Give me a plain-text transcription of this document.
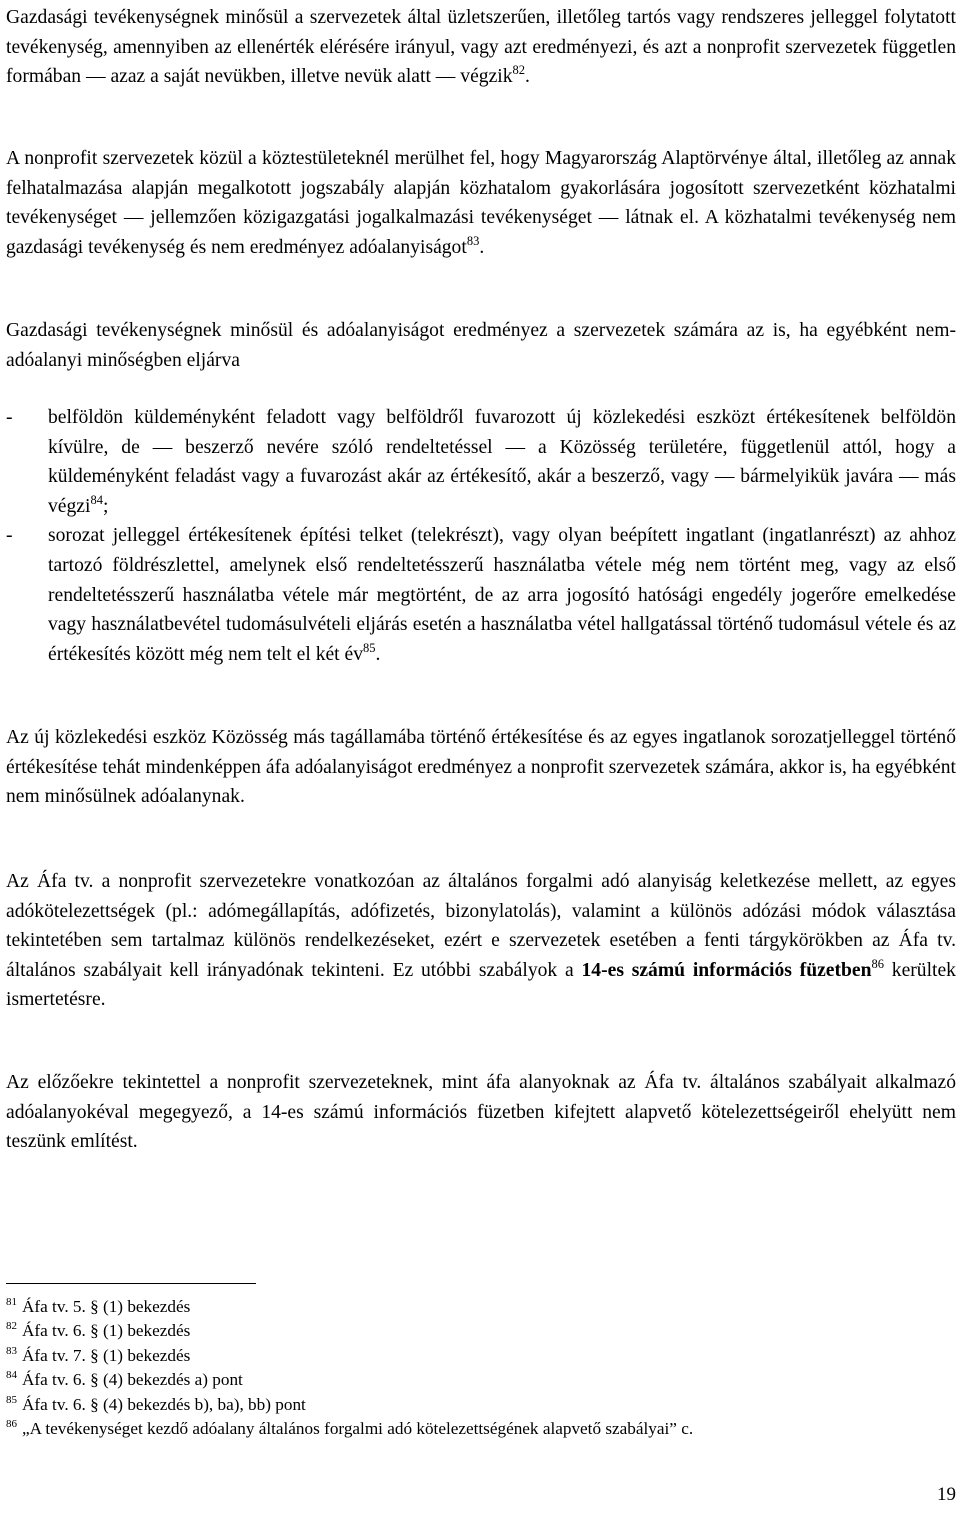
Gazdasági tevékenységnek minősül a szervezetek által üzletszerűen, illetőleg tartós vagy rendszeres jelleggel folytatott tevékenység, amennyiben az ellenérték elérésére irányul, vagy azt eredményezi, és azt a nonprofit szervezetek független formában — azaz a saját nevükben, illetve nevük alatt — végzik$^{82}$.

A nonprofit szervezetek közül a köztestületeknél merülhet fel, hogy Magyarország Alaptörvénye által, illetőleg az annak felhatalmazása alapján megalkotott jogszabály alapján közhatalom gyakorlására jogosított szervezetként közhatalmi tevékenységet — jellemzően közigazgatási jogalkalmazási tevékenységet — látnak el. A közhatalmi tevékenység nem gazdasági tevékenység és nem eredményez adóalanyiságot$^{83}$.

Gazdasági tevékenységnek minősül és adóalanyiságot eredményez a szervezetek számára az is, ha egyébként nem-adóalanyi minőségben eljárva

- belföldön küldeményként feladott vagy belföldről fuvarozott új közlekedési eszközt értékesítenek belföldön kívülre, de — beszerző nevére szóló rendeltetéssel — a Közösség területére, függetlenül attól, hogy a küldeményként feladást vagy a fuvarozást akár az értékesítő, akár a beszerző, vagy — bármelyikük javára — más végzi$^{84}$;
- sorozat jelleggel értékesítenek építési telket (telekrészt), vagy olyan beépített ingatlant (ingatlanrészt) az ahhoz tartozó földrészlettel, amelynek első rendeltetésszerű használatba vétele még nem történt meg, vagy az első rendeltetésszerű használatba vétele már megtörtént, de az arra jogosító hatósági engedély jogerőre emelkedése vagy használatbevétel tudomásulvételi eljárás esetén a használatba vétel hallgatással történő tudomásul vétele és az értékesítés között még nem telt el két év$^{85}$.

Az új közlekedési eszköz Közösség más tagállamába történő értékesítése és az egyes ingatlanok sorozatjelleggel történő értékesítése tehát mindenképpen áfa adóalanyiságot eredményez a nonprofit szervezetek számára, akkor is, ha egyébként nem minősülnek adóalanynak.

Az Áfa tv. a nonprofit szervezetekre vonatkozóan az általános forgalmi adó alanyiság keletkezése mellett, az egyes adókötelezettségek (pl.: adómegállapítás, adófizetés, bizonylatolás), valamint a különös adózási módok választása tekintetében sem tartalmaz különös rendelkezéseket, ezért e szervezetek esetében a fenti tárgykörökben az Áfa tv. általános szabályait kell irányadónak tekinteni. Ez utóbbi szabályok a 14-es számú információs füzetben$^{86}$ kerültek ismertetésre.

Az előzőekre tekintettel a nonprofit szervezeteknek, mint áfa alanyoknak az Áfa tv. általános szabályait alkalmazó adóalanyokéval megegyező, a 14-es számú információs füzetben kifejtett alapvető kötelezettségeiről ehelyütt nem teszünk említést.

$^{81}$ Áfa tv. 5. § (1) bekezdés
$^{82}$ Áfa tv. 6. § (1) bekezdés
$^{83}$ Áfa tv. 7. § (1) bekezdés
$^{84}$ Áfa tv. 6. § (4) bekezdés a) pont
$^{85}$ Áfa tv. 6. § (4) bekezdés b), ba), bb) pont
$^{86}$ „A tevékenységet kezdő adóalany általános forgalmi adó kötelezettségének alapvető szabályai” c.
19
